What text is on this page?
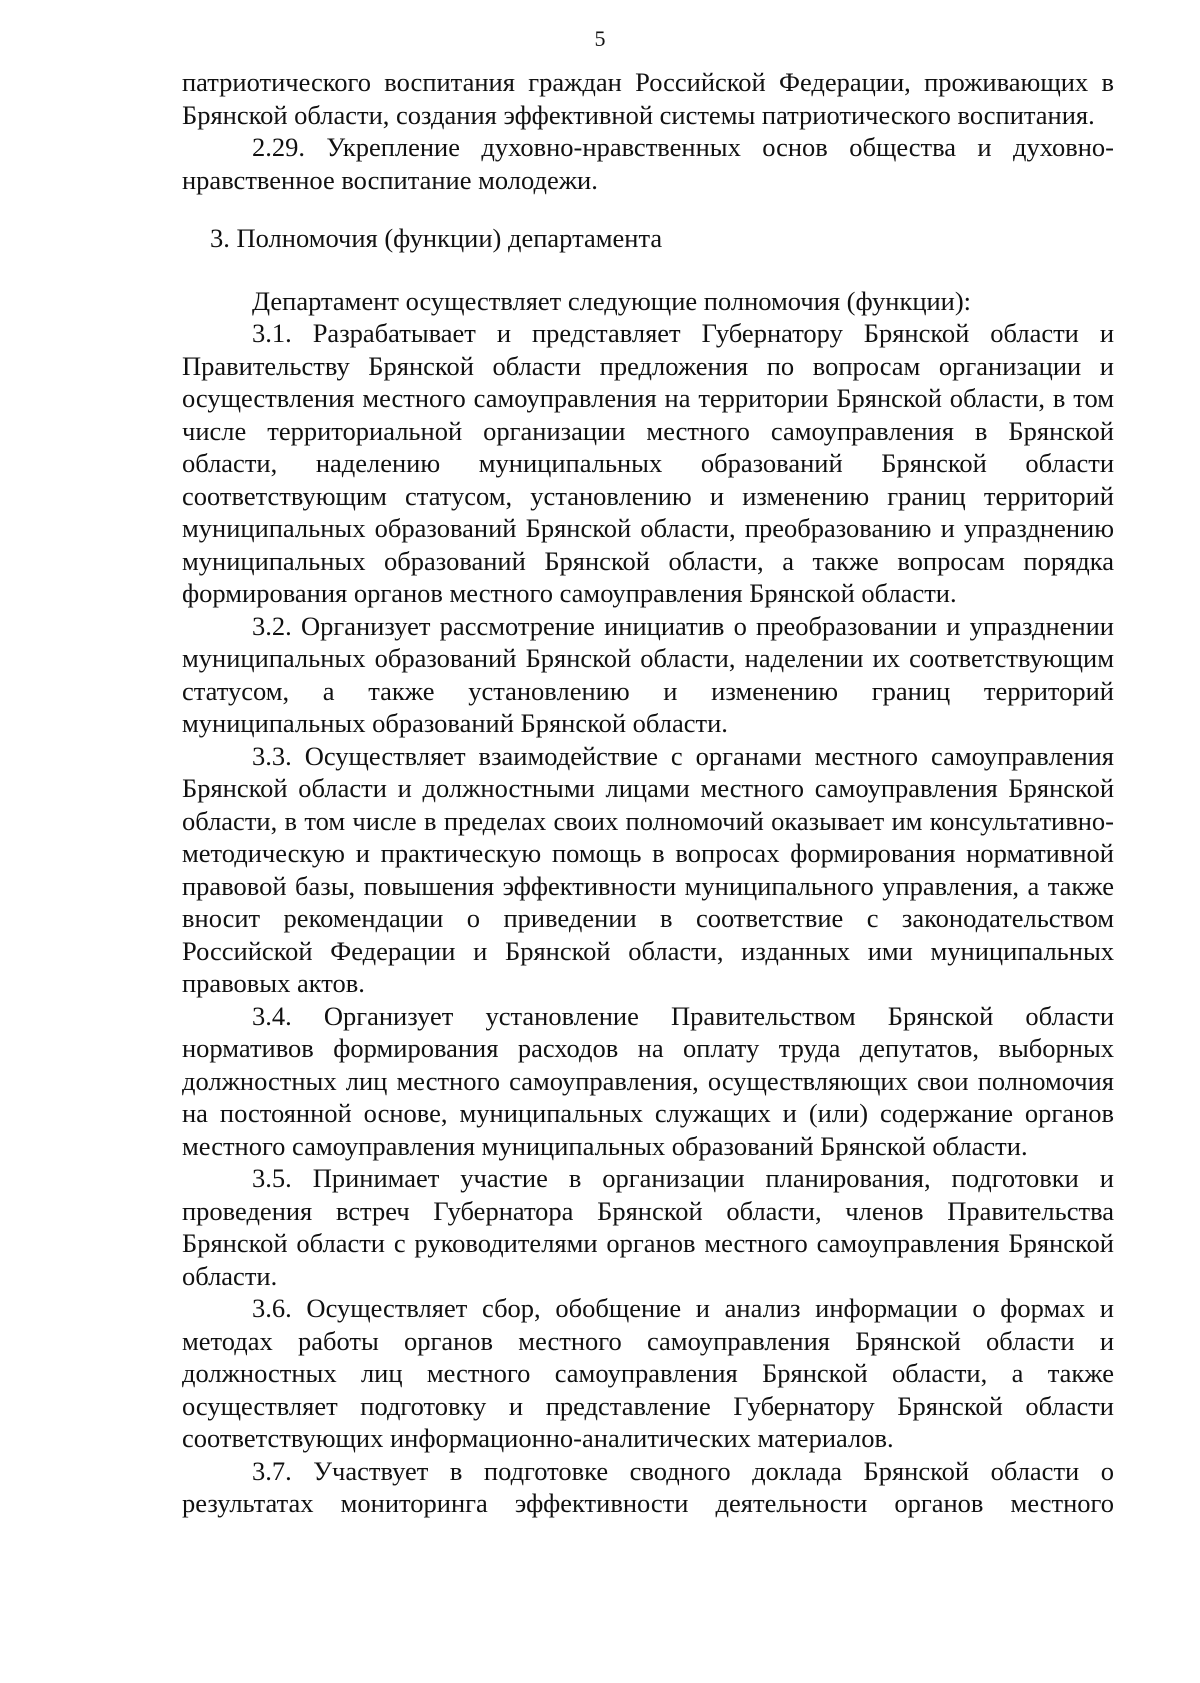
5

патриотического воспитания граждан Российской Федерации, проживающих в Брянской области, создания эффективной системы патриотического воспитания.

2.29. Укрепление духовно-нравственных основ общества и духовно-нравственное воспитание молодежи.

3. Полномочия (функции) департамента

Департамент осуществляет следующие полномочия (функции):

3.1. Разрабатывает и представляет Губернатору Брянской области и Правительству Брянской области предложения по вопросам организации и осуществления местного самоуправления на территории Брянской области, в том числе территориальной организации местного самоуправления в Брянской области, наделению муниципальных образований Брянской области соответствующим статусом, установлению и изменению границ территорий муниципальных образований Брянской области, преобразованию и упразднению муниципальных образований Брянской области, а также вопросам порядка формирования органов местного самоуправления Брянской области.

3.2. Организует рассмотрение инициатив о преобразовании и упразднении муниципальных образований Брянской области, наделении их соответствующим статусом, а также установлению и изменению границ территорий муниципальных образований Брянской области.

3.3. Осуществляет взаимодействие с органами местного самоуправления Брянской области и должностными лицами местного самоуправления Брянской области, в том числе в пределах своих полномочий оказывает им консультативно-методическую и практическую помощь в вопросах формирования нормативной правовой базы, повышения эффективности муниципального управления, а также вносит рекомендации о приведении в соответствие с законодательством Российской Федерации и Брянской области, изданных ими муниципальных правовых актов.

3.4. Организует установление Правительством Брянской области нормативов формирования расходов на оплату труда депутатов, выборных должностных лиц местного самоуправления, осуществляющих свои полномочия на постоянной основе, муниципальных служащих и (или) содержание органов местного самоуправления муниципальных образований Брянской области.

3.5. Принимает участие в организации планирования, подготовки и проведения встреч Губернатора Брянской области, членов Правительства Брянской области с руководителями органов местного самоуправления Брянской области.

3.6. Осуществляет сбор, обобщение и анализ информации о формах и методах работы органов местного самоуправления Брянской области и должностных лиц местного самоуправления Брянской области, а также осуществляет подготовку и представление Губернатору Брянской области соответствующих информационно-аналитических материалов.

3.7. Участвует в подготовке сводного доклада Брянской области о результатах мониторинга эффективности деятельности органов местного
